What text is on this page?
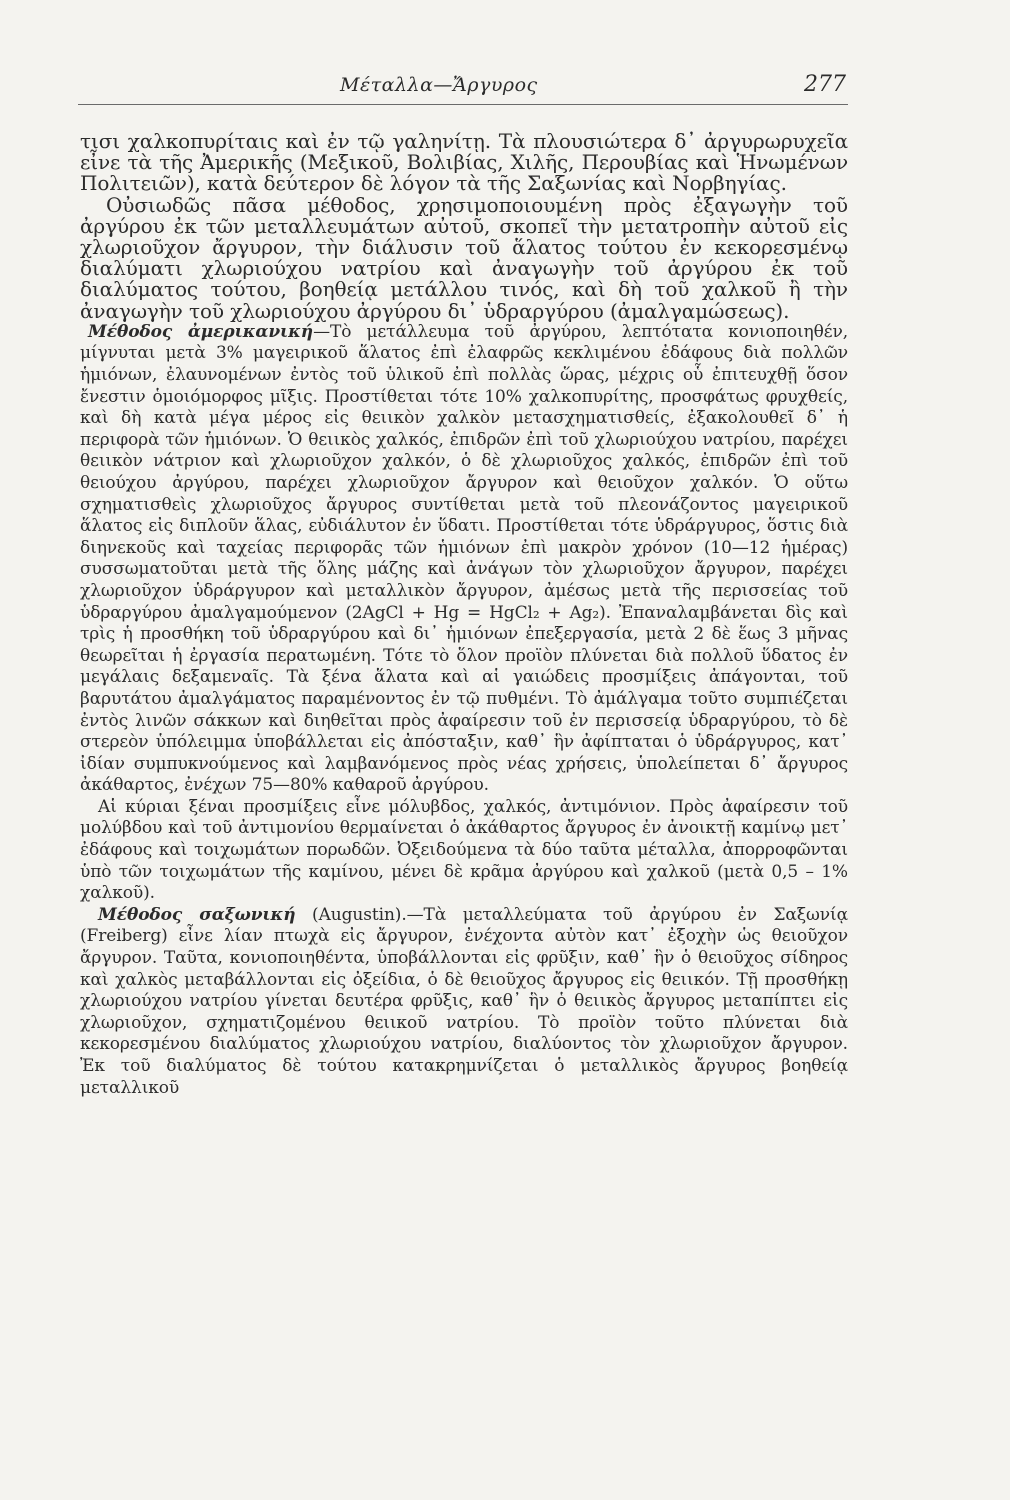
Μέταλλα—Ἄργυρος	277

τισι χαλκοπυρίταις καὶ ἐν τῷ γαληνίτῃ. Τὰ πλουσιώτερα δ᾽ ἀργυρωρυχεῖα εἶνε τὰ τῆς Ἀμερικῆς (Μεξικοῦ, Βολιβίας, Χιλῆς, Περουβίας καὶ Ἡνωμένων Πολιτειῶν), κατὰ δεύτερον δὲ λόγον τὰ τῆς Σαξωνίας καὶ Νορβηγίας.

Οὐσιωδῶς πᾶσα μέθοδος, χρησιμοποιουμένη πρὸς ἐξαγωγὴν τοῦ ἀργύρου ἐκ τῶν μεταλλευμάτων αὐτοῦ, σκοπεῖ τὴν μετατροπὴν αὐτοῦ εἰς χλωριοῦχον ἄργυρον, τὴν διάλυσιν τοῦ ἅλατος τούτου ἐν κεκορεσμένῳ διαλύματι χλωριούχου νατρίου καὶ ἀναγωγὴν τοῦ ἀργύρου ἐκ τοῦ διαλύματος τούτου, βοηθείᾳ μετάλλου τινός, καὶ δὴ τοῦ χαλκοῦ ἢ τὴν ἀναγωγὴν τοῦ χλωριούχου ἀργύρου δι᾽ ὑδραργύρου (ἀμαλγαμώσεως).

Μέθοδος ἀμερικανική—Τὸ μετάλλευμα τοῦ ἀργύρου, λεπτότατα κονιοποιηθέν, μίγνυται μετὰ 3% μαγειρικοῦ ἅλατος ἐπὶ ἐλαφρῶς κεκλιμένου ἐδάφους διὰ πολλῶν ἡμιόνων, ἐλαυνομένων ἐντὸς τοῦ ὑλικοῦ ἐπὶ πολλὰς ὥρας, μέχρις οὗ ἐπιτευχθῇ ὅσον ἔνεστιν ὁμοιόμορφος μῖξις. Προστίθεται τότε 10% χαλκοπυρίτης, προσφάτως φρυχθείς, καὶ δὴ κατὰ μέγα μέρος εἰς θειικὸν χαλκὸν μετασχηματισθείς, ἐξακολουθεῖ δ᾽ ἡ περιφορὰ τῶν ἡμιόνων. Ὁ θειικὸς χαλκός, ἐπιδρῶν ἐπὶ τοῦ χλωριούχου νατρίου, παρέχει θειικὸν νάτριον καὶ χλωριοῦχον χαλκόν, ὁ δὲ χλωριοῦχος χαλκός, ἐπιδρῶν ἐπὶ τοῦ θειούχου ἀργύρου, παρέχει χλωριοῦχον ἄργυρον καὶ θειοῦχον χαλκόν. Ὁ οὕτω σχηματισθεὶς χλωριοῦχος ἄργυρος συντίθεται μετὰ τοῦ πλεονάζοντος μαγειρικοῦ ἅλατος εἰς διπλοῦν ἅλας, εὐδιάλυτον ἐν ὕδατι. Προστίθεται τότε ὑδράργυρος, ὅστις διὰ διηνεκοῦς καὶ ταχείας περιφορᾶς τῶν ἡμιόνων ἐπὶ μακρὸν χρόνον (10—12 ἡμέρας) συσσωματοῦται μετὰ τῆς ὅλης μάζης καὶ ἀνάγων τὸν χλωριοῦχον ἄργυρον, παρέχει χλωριοῦχον ὑδράργυρον καὶ μεταλλικὸν ἄργυρον, ἀμέσως μετὰ τῆς περισσείας τοῦ ὑδραργύρου ἀμαλγαμούμενον (2AgCl + Hg = HgCl₂ + Ag₂). Ἐπαναλαμβάνεται δὶς καὶ τρὶς ἡ προσθήκη τοῦ ὑδραργύρου καὶ δι᾽ ἡμιόνων ἐπεξεργασία, μετὰ 2 δὲ ἕως 3 μῆνας θεωρεῖται ἡ ἐργασία περατωμένη. Τότε τὸ ὅλον προϊὸν πλύνεται διὰ πολλοῦ ὕδατος ἐν μεγάλαις δεξαμεναῖς. Τὰ ξένα ἅλατα καὶ αἱ γαιώδεις προσμίξεις ἀπάγονται, τοῦ βαρυτάτου ἀμαλγάματος παραμένοντος ἐν τῷ πυθμένι. Τὸ ἀμάλγαμα τοῦτο συμπιέζεται ἐντὸς λινῶν σάκκων καὶ διηθεῖται πρὸς ἀφαίρεσιν τοῦ ἐν περισσείᾳ ὑδραργύρου, τὸ δὲ στερεὸν ὑπόλειμμα ὑποβάλλεται εἰς ἀπόσταξιν, καθ᾽ ἣν ἀφίπταται ὁ ὑδράργυρος, κατ᾽ ἰδίαν συμπυκνούμενος καὶ λαμβανόμενος πρὸς νέας χρήσεις, ὑπολείπεται δ᾽ ἄργυρος ἀκάθαρτος, ἐνέχων 75—80% καθαροῦ ἀργύρου.

Αἱ κύριαι ξέναι προσμίξεις εἶνε μόλυβδος, χαλκός, ἀντιμόνιον. Πρὸς ἀφαίρεσιν τοῦ μολύβδου καὶ τοῦ ἀντιμονίου θερμαίνεται ὁ ἀκάθαρτος ἄργυρος ἐν ἀνοικτῇ καμίνῳ μετ᾽ ἐδάφους καὶ τοιχωμάτων πορωδῶν. Ὀξειδούμενα τὰ δύο ταῦτα μέταλλα, ἀπορροφῶνται ὑπὸ τῶν τοιχωμάτων τῆς καμίνου, μένει δὲ κρᾶμα ἀργύρου καὶ χαλκοῦ (μετὰ 0,5 – 1% χαλκοῦ).

Μέθοδος σαξωνική (Augustin).—Τὰ μεταλλεύματα τοῦ ἀργύρου ἐν Σαξωνίᾳ (Freiberg) εἶνε λίαν πτωχὰ εἰς ἄργυρον, ἐνέχοντα αὐτὸν κατ᾽ ἐξοχὴν ὡς θειοῦχον ἄργυρον. Ταῦτα, κονιοποιηθέντα, ὑποβάλλονται εἰς φρῦξιν, καθ᾽ ἣν ὁ θειοῦχος σίδηρος καὶ χαλκὸς μεταβάλλονται εἰς ὀξείδια, ὁ δὲ θειοῦχος ἄργυρος εἰς θειικόν. Τῇ προσθήκῃ χλωριούχου νατρίου γίνεται δευτέρα φρῦξις, καθ᾽ ἣν ὁ θειικὸς ἄργυρος μεταπίπτει εἰς χλωριοῦχον, σχηματιζομένου θειικοῦ νατρίου. Τὸ προϊὸν τοῦτο πλύνεται διὰ κεκορεσμένου διαλύματος χλωριούχου νατρίου, διαλύοντος τὸν χλωριοῦχον ἄργυρον. Ἐκ τοῦ διαλύματος δὲ τούτου κατακρημνίζεται ὁ μεταλλικὸς ἄργυρος βοηθείᾳ μεταλλικοῦ
